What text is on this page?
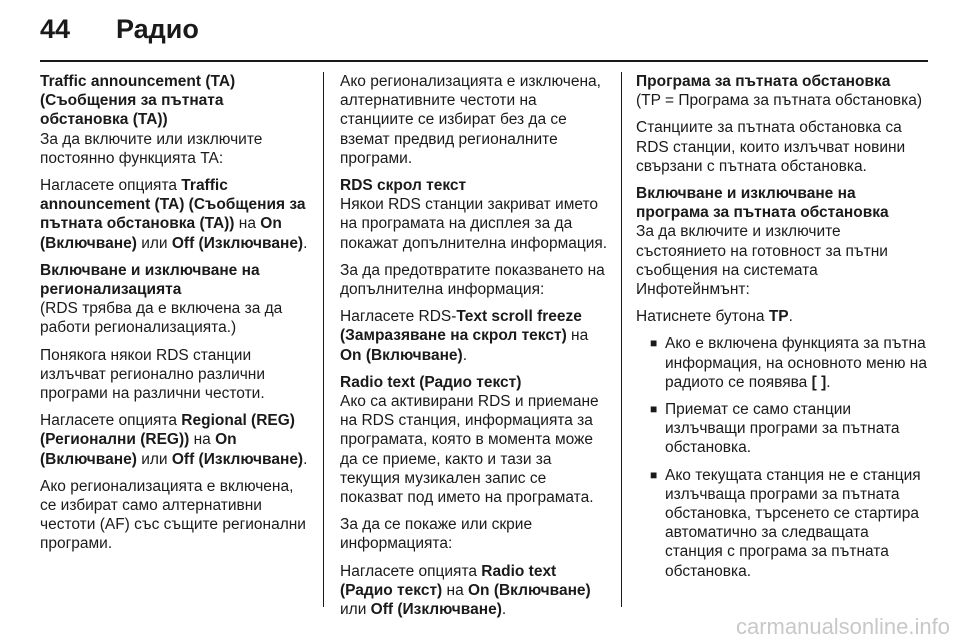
44 Радио

Traffic announcement (TA) (Съобщения за пътната обстановка (TA))

За да включите или изключите постоянно функцията TA:

Нагласете опцията Traffic announcement (TA) (Съобщения за пътната обстановка (TA)) на On (Включване) или Off (Изключване).

Включване и изключване на регионализацията

(RDS трябва да е включена за да работи регионализацията.)

Понякога някои RDS станции излъчват регионално различни програми на различни честоти.

Нагласете опцията Regional (REG) (Регионални (REG)) на On (Включване) или Off (Изключване).

Ако регионализацията е включена, се избират само алтернативни честоти (AF) със същите регионални програми.

Ако регионализацията е изключена, алтернативните честоти на станциите се избират без да се вземат предвид регионалните програми.

RDS скрол текст

Някои RDS станции закриват името на програмата на дисплея за да покажат допълнителна информация.

За да предотвратите показването на допълнителна информация:

Нагласете RDS-Text scroll freeze (Замразяване на скрол текст) на On (Включване).

Radio text (Радио текст)

Ако са активирани RDS и приемане на RDS станция, информацията за програмата, която в момента може да се приеме, както и тази за текущия музикален запис се показват под името на програмата.

За да се покаже или скрие информацията:

Нагласете опцията Radio text (Радио текст) на On (Включване) или Off (Изключване).

Програма за пътната обстановка

(TP = Програма за пътната обстановка)

Станциите за пътната обстановка са RDS станции, които излъчват новини свързани с пътната обстановка.

Включване и изключване на програма за пътната обстановка

За да включите и изключите състоянието на готовност за пътни съобщения на системата Инфотейнмънт:

Натиснете бутона TP.

■ Ако е включена функцията за пътна информация, на основното меню на радиото се появява [ ].
■ Приемат се само станции излъчващи програми за пътната обстановка.
■ Ако текущата станция не е станция излъчваща програми за пътната обстановка, търсенето се стартира автоматично за следващата станция с програма за пътната обстановка.
carmanualsonline.info
